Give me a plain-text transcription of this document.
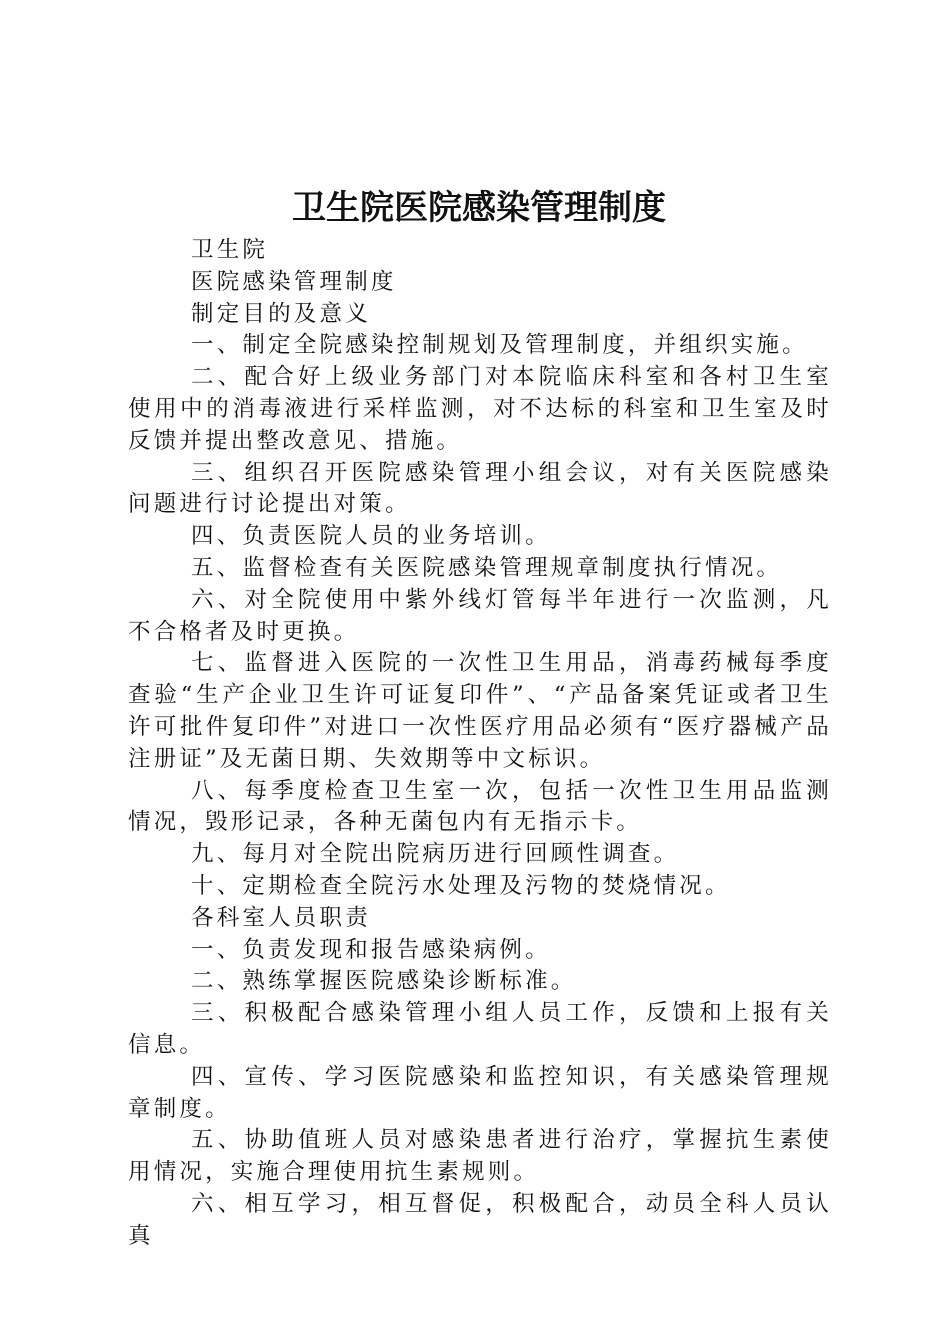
卫生院医院感染管理制度

卫生院

医院感染管理制度

制定目的及意义

一、制定全院感染控制规划及管理制度，并组织实施。

二、配合好上级业务部门对本院临床科室和各村卫生室使用中的消毒液进行采样监测，对不达标的科室和卫生室及时反馈并提出整改意见、措施。

三、组织召开医院感染管理小组会议，对有关医院感染问题进行讨论提出对策。

四、负责医院人员的业务培训。

五、监督检查有关医院感染管理规章制度执行情况。

六、对全院使用中紫外线灯管每半年进行一次监测，凡不合格者及时更换。

七、监督进入医院的一次性卫生用品，消毒药械每季度查验“生产企业卫生许可证复印件”、“产品备案凭证或者卫生许可批件复印件”对进口一次性医疗用品必须有“医疗器械产品注册证”及无菌日期、失效期等中文标识。

八、每季度检查卫生室一次，包括一次性卫生用品监测情况，毁形记录，各种无菌包内有无指示卡。

九、每月对全院出院病历进行回顾性调查。

十、定期检查全院污水处理及污物的焚烧情况。

各科室人员职责

一、负责发现和报告感染病例。

二、熟练掌握医院感染诊断标准。

三、积极配合感染管理小组人员工作，反馈和上报有关信息。

四、宣传、学习医院感染和监控知识，有关感染管理规章制度。

五、协助值班人员对感染患者进行治疗，掌握抗生素使用情况，实施合理使用抗生素规则。

六、相互学习，相互督促，积极配合，动员全科人员认真
